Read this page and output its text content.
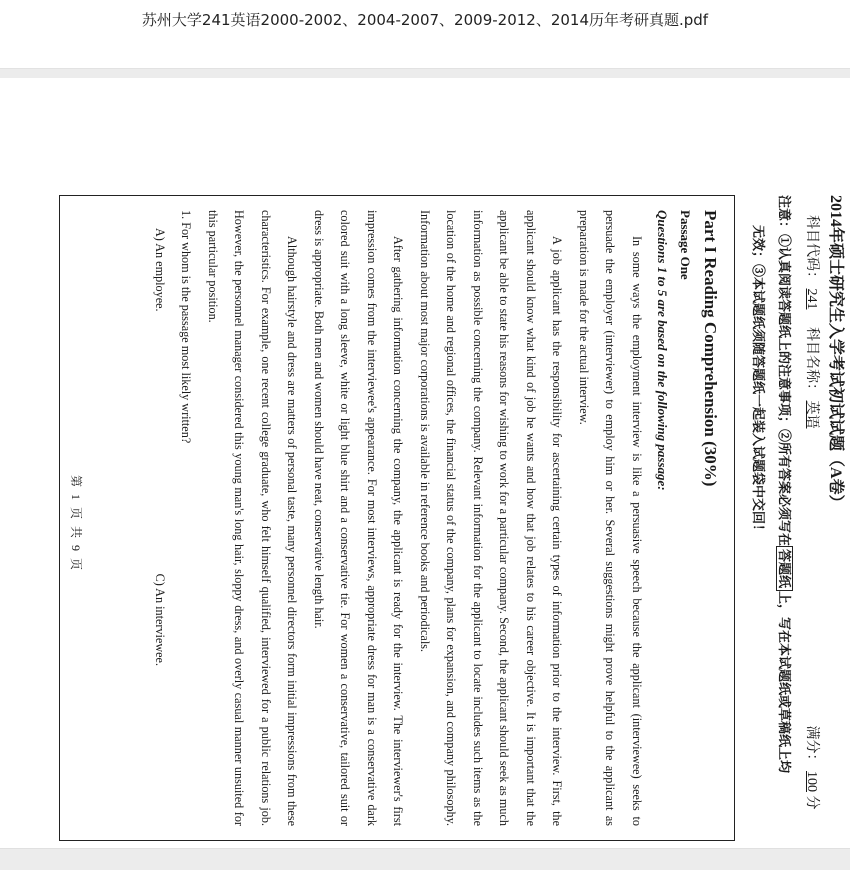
苏州大学241英语2000-2002、2004-2007、2009-2012、2014历年考研真题.pdf
2014年硕士研究生入学考试初试试题（A卷）
科目代码： 241     科目名称： 英语  满分： 100 分
注意：①认真阅读答题纸上的注意事项；②所有答案必须写在答题纸上，写在本试题纸或草稿纸上均
无效；③本试题纸须随答题纸一起装入试题袋中交回！
Part I Reading Comprehension (30%)
Passage One
Questions 1 to 5 are based on the following passage:

In some ways the employment interview is like a persuasive speech because the applicant (interviewee) seeks to persuade the employer (interviewer) to employ him or her. Several suggestions might prove helpful to the applicant as preparation is made for the actual interview.

A job applicant has the responsibility for ascertaining certain types of information prior to the interview. First, the applicant should know what kind of job he wants and how that job relates to his career objective. It is important that the applicant be able to state his reasons for wishing to work for a particular company. Second, the applicant should seek as much information as possible concerning the company. Relevant information for the applicant to locate includes such items as the location of the home and regional offices, the financial status of the company, plans for expansion, and company philosophy. Information about most major corporations is available in reference books and periodicals.

After gathering information concerning the company, the applicant is ready for the interview. The interviewer's first impression comes from the interviewee's appearance. For most interviews, appropriate dress for man is a conservative dark colored suit with a long sleeve, white or light blue shirt and a conservative tie. For women a conservative, tailored suit or dress is appropriate. Both men and women should have neat, conservative length hair.

Although hairstyle and dress are matters of personal taste, many personnel directors form initial impressions from these characteristics. For example, one recent college graduate, who felt himself qualified, interviewed for a public relations job. However, the personnel manager considered this young man's long hair, sloppy dress, and overly casual manner unsuited for this particular position.

1. For whom is the passage most likely written?

A) An employee.
C) An interviewee.
第 1 页 共 9 页
